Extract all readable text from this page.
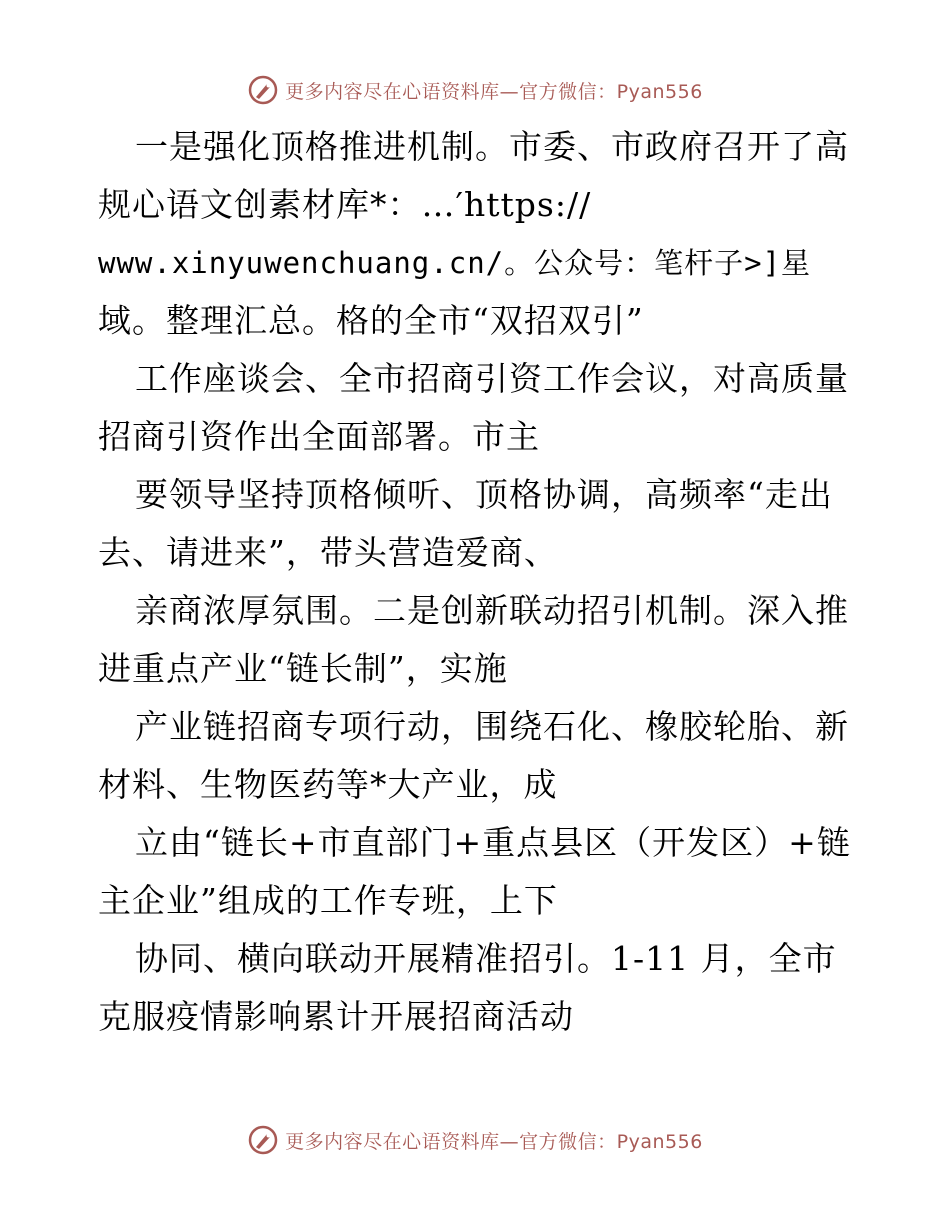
更多内容尽在心语资料库—官方微信：Pyan556
一是强化顶格推进机制。市委、市政府召开了高
规心语文创素材库*：…′https://
www.xinyuwenchuang.cn/。公众号：笔杆子>]星
域。整理汇总。格的全市“双招双引”
工作座谈会、全市招商引资工作会议，对高质量
招商引资作出全面部署。市主
要领导坚持顶格倾听、顶格协调，高频率“走出
去、请进来”，带头营造爱商、
亲商浓厚氛围。二是创新联动招引机制。深入推
进重点产业“链长制”，实施
产业链招商专项行动，围绕石化、橡胶轮胎、新
材料、生物医药等*大产业，成
立由“链长+市直部门+重点县区（开发区）+链
主企业”组成的工作专班，上下
协同、横向联动开展精准招引。1-11 月，全市
克服疫情影响累计开展招商活动
更多内容尽在心语资料库—官方微信：Pyan556
